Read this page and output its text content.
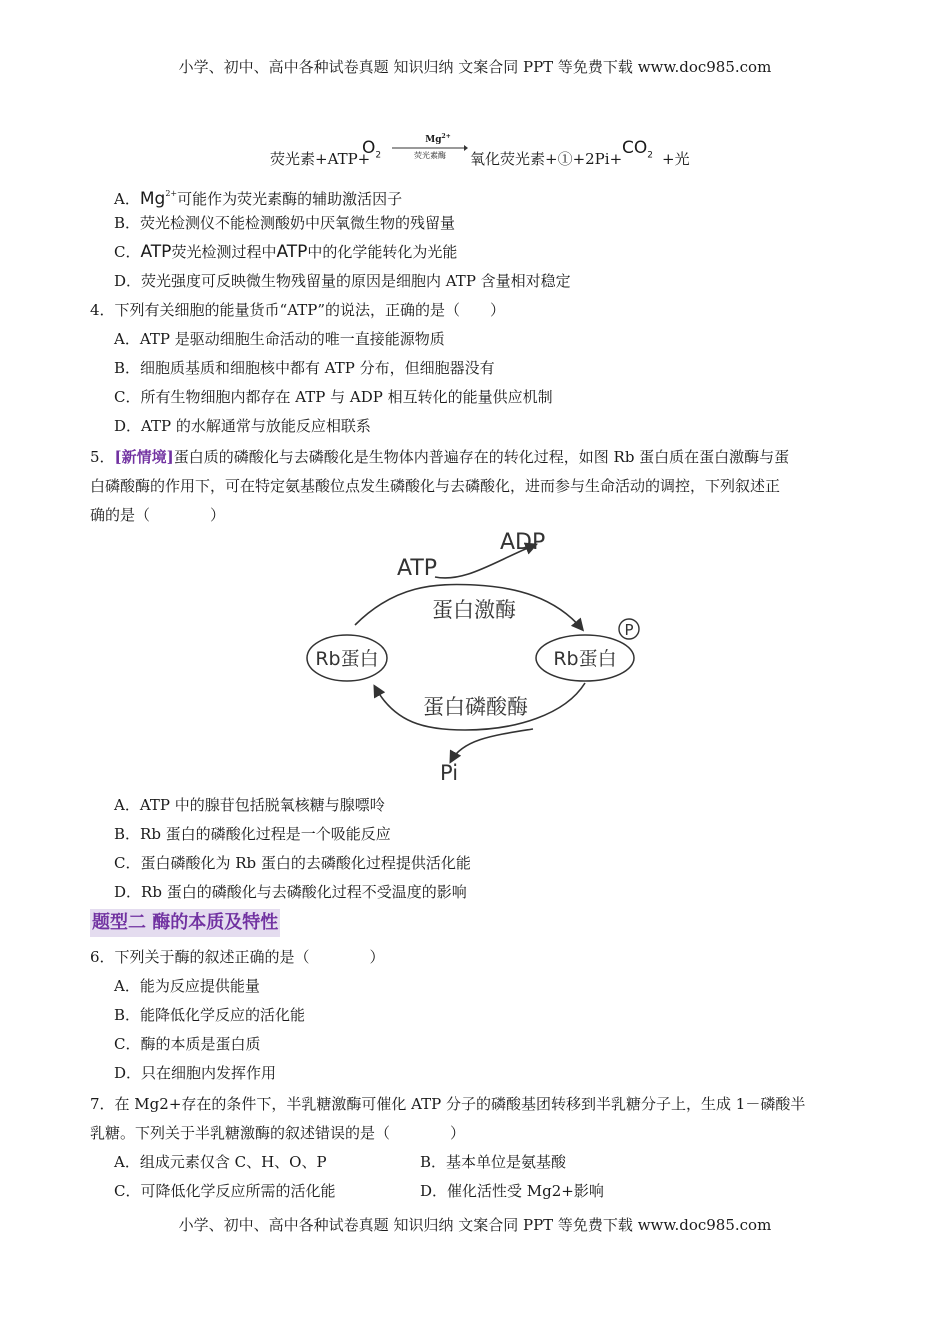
小学、初中、高中各种试卷真题 知识归纳 文案合同 PPT 等免费下载 www.doc985.com
荧光素+ATP+
$O_2$
$Mg^{2+}$
荧光素酶	氧化荧光素+①+2Pi+
$CO_2$ +光
A．$Mg^{2+}$可能作为荧光素酶的辅助激活因子
B．荧光检测仪不能检测酸奶中厌氧微生物的残留量
C．ATP荧光检测过程中ATP中的化学能转化为光能
D．荧光强度可反映微生物残留量的原因是细胞内 ATP 含量相对稳定
4．下列有关细胞的能量货币“ATP”的说法，正确的是（　　）
A．ATP 是驱动细胞生命活动的唯一直接能源物质
B．细胞质基质和细胞核中都有 ATP 分布，但细胞器没有
C．所有生物细胞内都存在 ATP 与 ADP 相互转化的能量供应机制
D．ATP 的水解通常与放能反应相联系
5．[新情境]蛋白质的磷酸化与去磷酸化是生物体内普遍存在的转化过程，如图 Rb 蛋白质在蛋白激酶与蛋
白磷酸酶的作用下，可在特定氨基酸位点发生磷酸化与去磷酸化，进而参与生命活动的调控，下列叙述正
确的是（　　　　）
ATP
ADP
蛋白激酶
Rb蛋白	Rb蛋白
P
蛋白磷酸酶
Pi
A．ATP 中的腺苷包括脱氧核糖与腺嘌呤
B．Rb 蛋白的磷酸化过程是一个吸能反应
C．蛋白磷酸化为 Rb 蛋白的去磷酸化过程提供活化能
D．Rb 蛋白的磷酸化与去磷酸化过程不受温度的影响
题型二 酶的本质及特性
6．下列关于酶的叙述正确的是（　　　　）
A．能为反应提供能量
B．能降低化学反应的活化能
C．酶的本质是蛋白质
D．只在细胞内发挥作用
7．在 Mg2+存在的条件下，半乳糖激酶可催化 ATP 分子的磷酸基团转移到半乳糖分子上，生成 1－磷酸半
乳糖。下列关于半乳糖激酶的叙述错误的是（　　　　）
A．组成元素仅含 C、H、O、P	B．基本单位是氨基酸
C．可降低化学反应所需的活化能	D．催化活性受 Mg2+影响
小学、初中、高中各种试卷真题 知识归纳 文案合同 PPT 等免费下载 www.doc985.com
